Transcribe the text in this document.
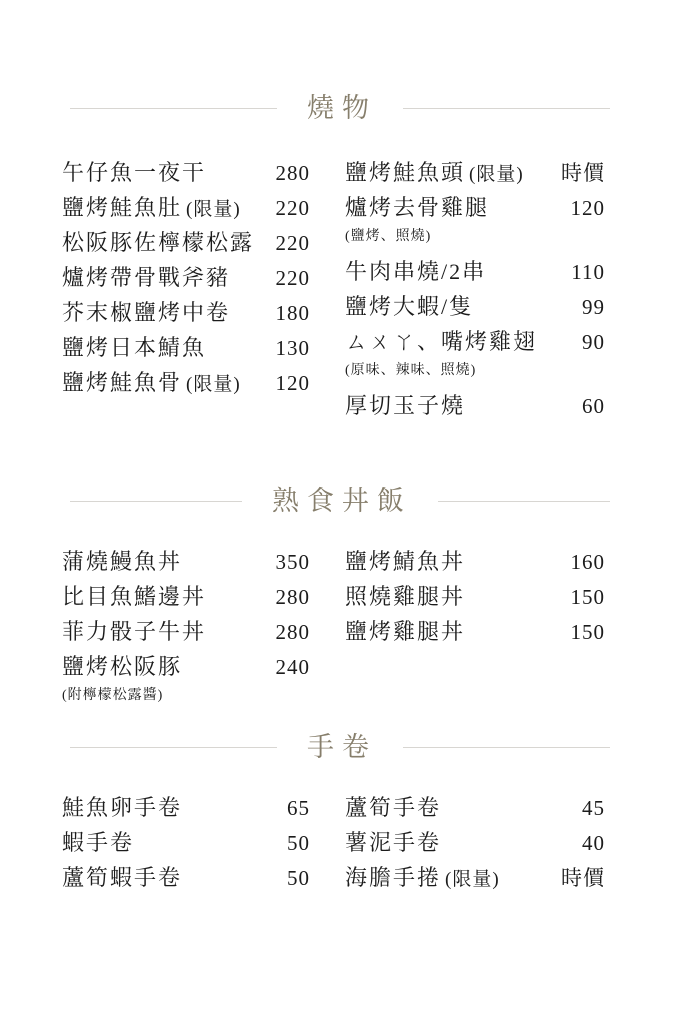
燒物
午仔魚一夜干	280
鹽烤鮭魚肚 (限量) 220
松阪豚佐檸檬松露 220
爐烤帶骨戰斧豬 220
芥末椒鹽烤中卷 180
鹽烤日本鯖魚	130
鹽烤鮭魚骨 (限量) 120
鹽烤鮭魚頭 (限量) 時價
爐烤去骨雞腿	120
(鹽烤、照燒)
牛肉串燒/2串	110
鹽烤大蝦/隻	99
ㄙㄨㄚ、嘴烤雞翅 90
(原味、辣味、照燒)
厚切玉子燒	60
熟食丼飯
蒲燒鰻魚丼	350
比目魚鰭邊丼	280
菲力骰子牛丼	280
鹽烤松阪豚	240
(附檸檬松露醬)
鹽烤鯖魚丼	160
照燒雞腿丼	150
鹽烤雞腿丼	150
手卷
鮭魚卵手卷	65
蝦手卷	50
蘆筍蝦手卷	50
蘆筍手卷	45
薯泥手卷	40
海膽手捲 (限量)	時價
